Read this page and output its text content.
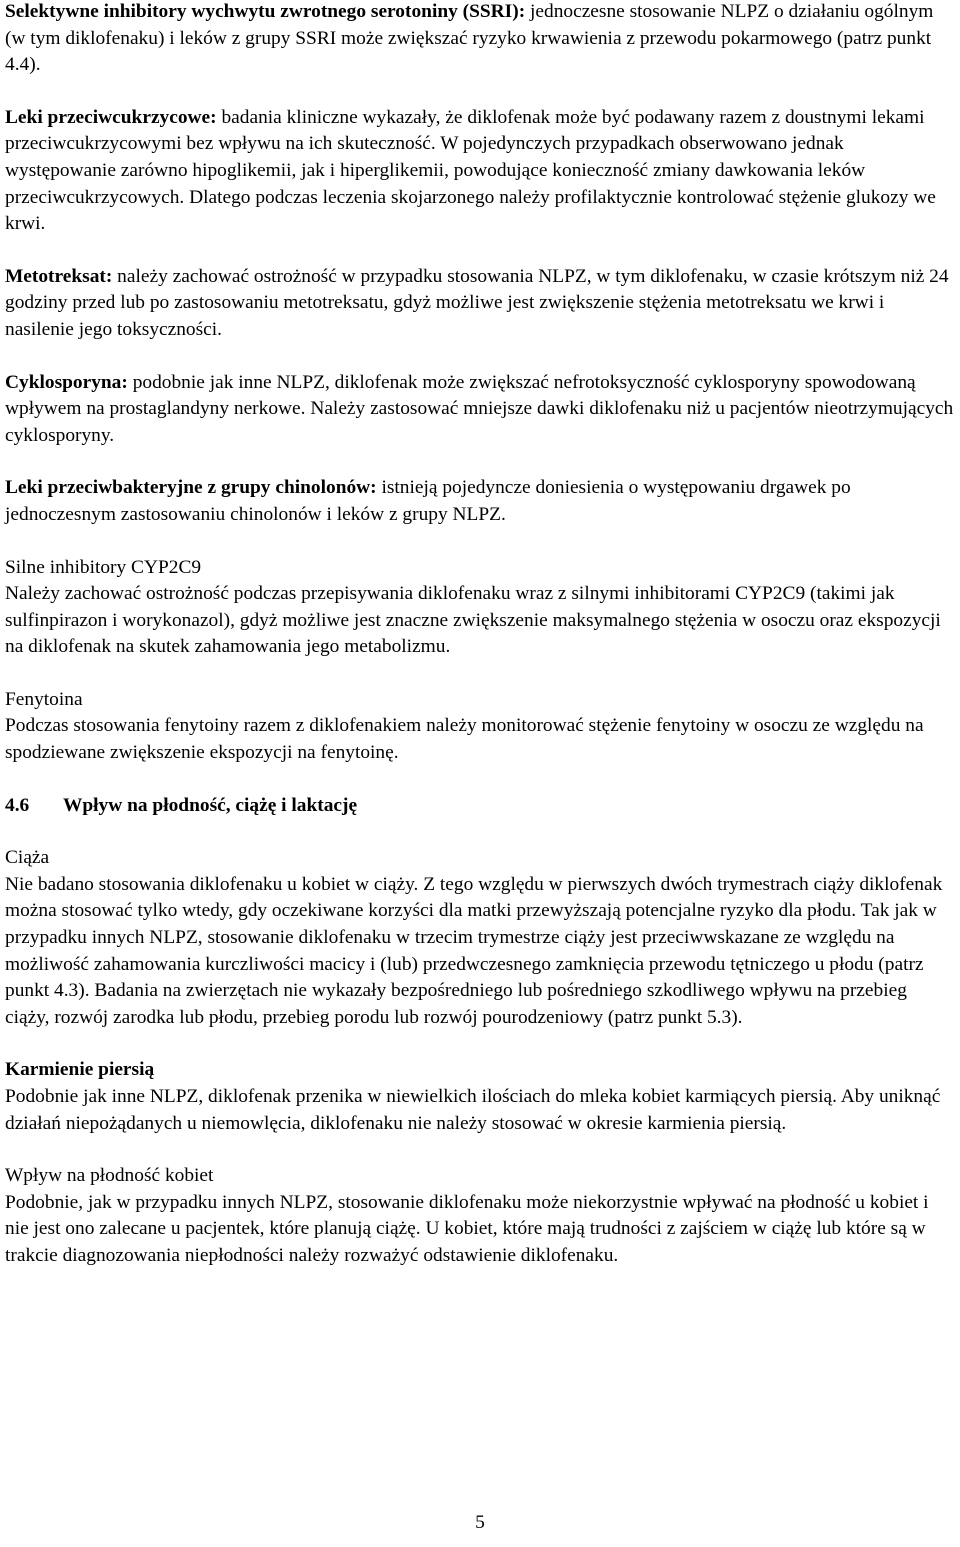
Selektywne inhibitory wychwytu zwrotnego serotoniny (SSRI): jednoczesne stosowanie NLPZ o działaniu ogólnym (w tym diklofenaku) i leków z grupy SSRI może zwiększać ryzyko krwawienia z przewodu pokarmowego (patrz punkt 4.4).

Leki przeciwcukrzycowe: badania kliniczne wykazały, że diklofenak może być podawany razem z doustnymi lekami przeciwcukrzycowymi bez wpływu na ich skuteczność. W pojedynczych przypadkach obserwowano jednak występowanie zarówno hipoglikemii, jak i hiperglikemii, powodujące konieczność zmiany dawkowania leków przeciwcukrzycowych. Dlatego podczas leczenia skojarzonego należy profilaktycznie kontrolować stężenie glukozy we krwi.

Metotreksat: należy zachować ostrożność w przypadku stosowania NLPZ, w tym diklofenaku, w czasie krótszym niż 24 godziny przed lub po zastosowaniu metotreksatu, gdyż możliwe jest zwiększenie stężenia metotreksatu we krwi i nasilenie jego toksyczności.

Cyklosporyna: podobnie jak inne NLPZ, diklofenak może zwiększać nefrotoksyczność cyklosporyny spowodowaną wpływem na prostaglandyny nerkowe. Należy zastosować mniejsze dawki diklofenaku niż u pacjentów nieotrzymujących cyklosporyny.

Leki przeciwbakteryjne z grupy chinolonów: istnieją pojedyncze doniesienia o występowaniu drgawek po jednoczesnym zastosowaniu chinolonów i leków z grupy NLPZ.

Silne inhibitory CYP2C9

Należy zachować ostrożność podczas przepisywania diklofenaku wraz z silnymi inhibitorami CYP2C9 (takimi jak sulfinpirazon i worykonazol), gdyż możliwe jest znaczne zwiększenie maksymalnego stężenia w osoczu oraz ekspozycji na diklofenak na skutek zahamowania jego metabolizmu.

Fenytoina

Podczas stosowania fenytoiny razem z diklofenakiem należy monitorować stężenie fenytoiny w osoczu ze względu na spodziewane zwiększenie ekspozycji na fenytoinę.

4.6 Wpływ na płodność, ciążę i laktację

Ciąża

Nie badano stosowania diklofenaku u kobiet w ciąży. Z tego względu w pierwszych dwóch trymestrach ciąży diklofenak można stosować tylko wtedy, gdy oczekiwane korzyści dla matki przewyższają potencjalne ryzyko dla płodu. Tak jak w przypadku innych NLPZ, stosowanie diklofenaku w trzecim trymestrze ciąży jest przeciwwskazane ze względu na możliwość zahamowania kurczliwości macicy i (lub) przedwczesnego zamknięcia przewodu tętniczego u płodu (patrz punkt 4.3). Badania na zwierzętach nie wykazały bezpośredniego lub pośredniego szkodliwego wpływu na przebieg ciąży, rozwój zarodka lub płodu, przebieg porodu lub rozwój pourodzeniowy (patrz punkt 5.3).

Karmienie piersią

Podobnie jak inne NLPZ, diklofenak przenika w niewielkich ilościach do mleka kobiet karmiących piersią. Aby uniknąć działań niepożądanych u niemowlęcia, diklofenaku nie należy stosować w okresie karmienia piersią.

Wpływ na płodność kobiet

Podobnie, jak w przypadku innych NLPZ, stosowanie diklofenaku może niekorzystnie wpływać na płodność u kobiet i nie jest ono zalecane u pacjentek, które planują ciążę. U kobiet, które mają trudności z zajściem w ciążę lub które są w trakcie diagnozowania niepłodności należy rozważyć odstawienie diklofenaku.

5
